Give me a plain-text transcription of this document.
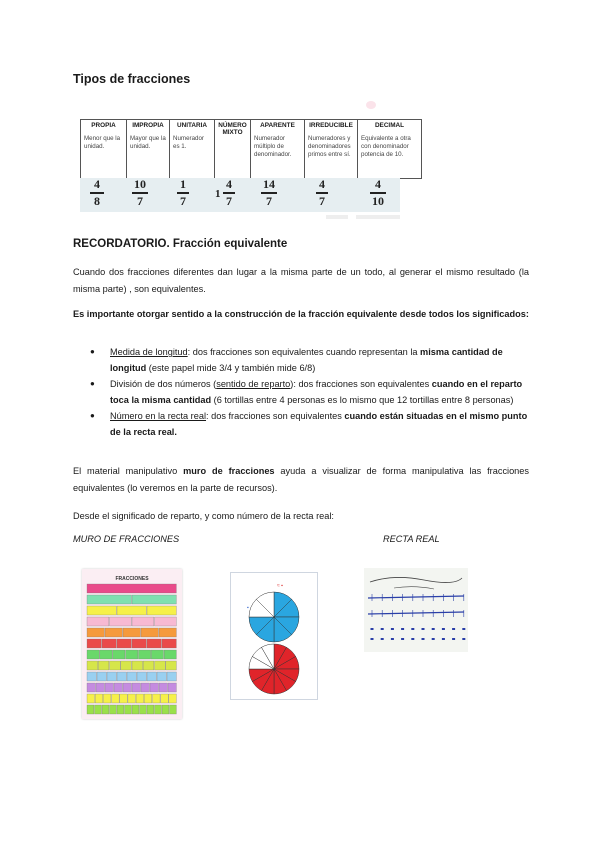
Tipos de fracciones
PROPIA
Menor que la unidad.
IMPROPIA
Mayor que la unidad.
UNITARIA
Numerador es 1.
NÚMERO MIXTO
APARENTE
Numerador múltiplo de denominador.
IRREDUCIBLE
Numeradores y denominadores primos entre sí.
DECIMAL
Equivalente a otra con denominador potencia de 10.
4
8
10
7
1
7	1
4
7
14
7
4
7
4
10
RECORDATORIO. Fracción equivalente

Cuando dos fracciones diferentes dan lugar a la misma parte de un todo, al generar el mismo resultado (la misma parte) , son equivalentes.

Es importante otorgar sentido a la construcción de la fracción equivalente desde todos los significados:

● Medida de longitud: dos fracciones son equivalentes cuando representan la misma cantidad de longitud (este papel mide 3/4 y también mide 6/8)
● División de dos números (sentido de reparto): dos fracciones son equivalentes cuando en el reparto toca la misma cantidad (6 tortillas entre 4 personas es lo mismo que 12 tortillas entre 8 personas)
● Número en la recta real: dos fracciones son equivalentes cuando están situadas en el mismo punto de la recta real.

El material manipulativo muro de fracciones ayuda a visualizar de forma manipulativa las fracciones equivalentes (lo veremos en la parte de recursos).

Desde el significado de reparto, y como número de la recta real:

MURO DE FRACCIONES	RECTA REAL
FRACCIONES
≈ ▪
▪
